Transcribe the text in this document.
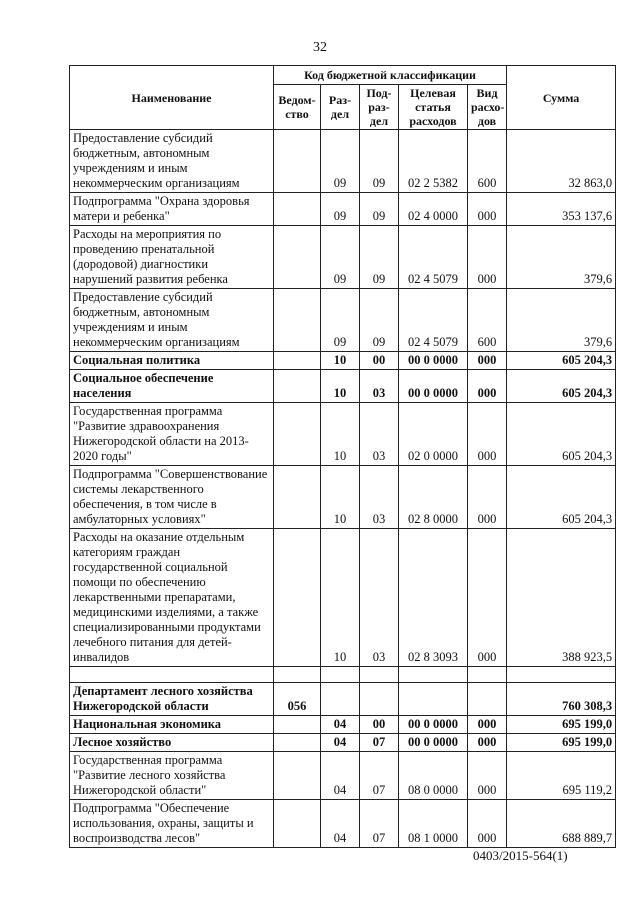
32
Наименование	Код бюджетной классификации					Сумма
	Ведом-ство	Раз-дел	Под-раз-дел	Целевая статья расходов	Вид расхо-дов	
Предоставление субсидий бюджетным, автономным учреждениям и иным некоммерческим организациям		09	09	02 2 5382	600	32 863,0
Подпрограмма "Охрана здоровья матери и ребенка"		09	09	02 4 0000	000	353 137,6
Расходы на мероприятия по проведению пренатальной (дородовой) диагностики нарушений развития ребенка		09	09	02 4 5079	000	379,6
Предоставление субсидий бюджетным, автономным учреждениям и иным некоммерческим организациям		09	09	02 4 5079	600	379,6
Социальная политика		10	00	00 0 0000	000	605 204,3
Социальное обеспечение населения		10	03	00 0 0000	000	605 204,3
Государственная программа "Развитие здравоохранения Нижегородской области на 2013-2020 годы"		10	03	02 0 0000	000	605 204,3
Подпрограмма "Совершенствование системы лекарственного обеспечения, в том числе в амбулаторных условиях"		10	03	02 8 0000	000	605 204,3
Расходы на оказание отдельным категориям граждан государственной социальной помощи по обеспечению лекарственными препаратами, медицинскими изделиями, а также специализированными продуктами лечебного питания для детей-инвалидов		10	03	02 8 3093	000	388 923,5

Департамент лесного хозяйства Нижегородской области	056					760 308,3
Национальная экономика		04	00	00 0 0000	000	695 199,0
Лесное хозяйство		04	07	00 0 0000	000	695 199,0
Государственная программа "Развитие лесного хозяйства Нижегородской области"		04	07	08 0 0000	000	695 119,2
Подпрограмма "Обеспечение использования, охраны, защиты и воспроизводства лесов"		04	07	08 1 0000	000	688 889,7
0403/2015-564(1)
